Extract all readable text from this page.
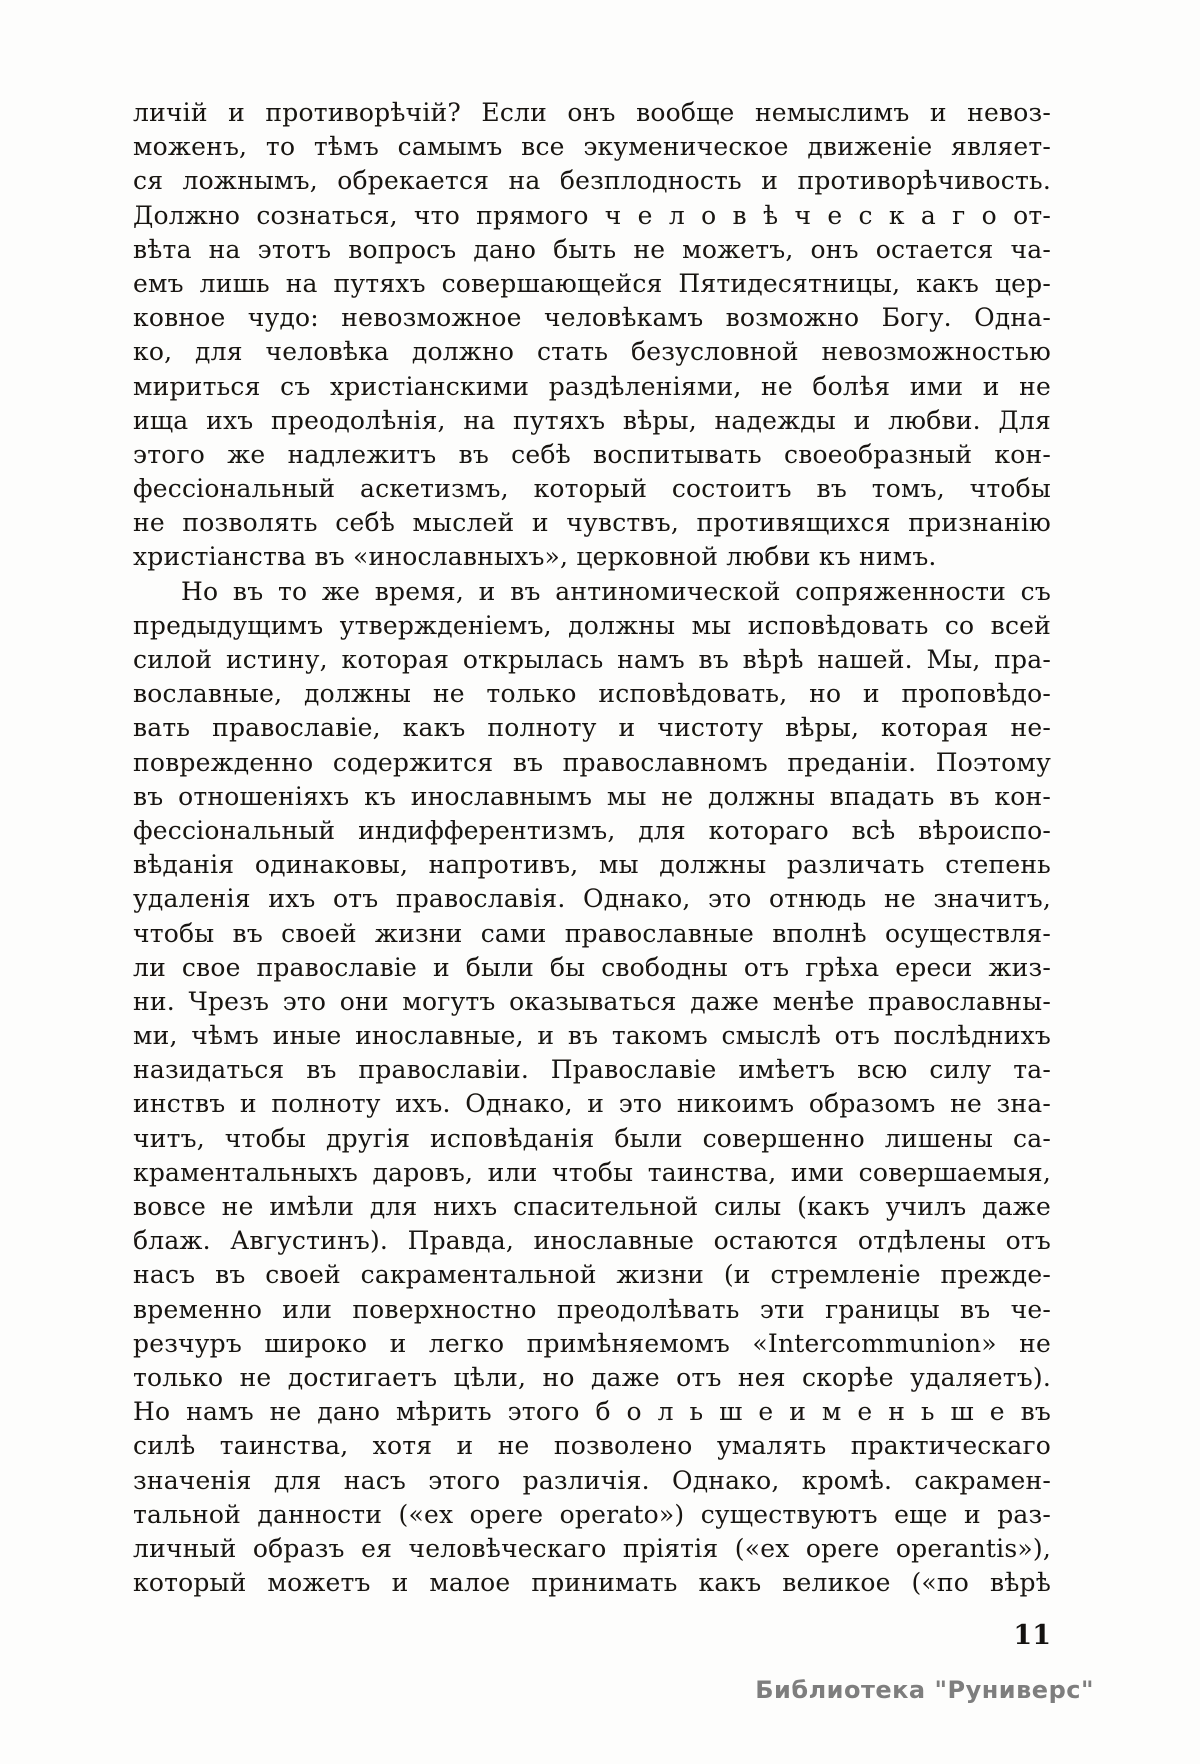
личій и противорѣчій? Если онъ вообще немыслимъ и невоз-
моженъ, то тѣмъ самымъ все экуменическое движеніе являет-
ся ложнымъ, обрекается на безплодность и противорѣчивость.
Должно сознаться, что прямого ч е л о в ѣ ч е с к а г о от-
вѣта на этотъ вопросъ дано быть не можетъ, онъ остается ча-
емъ лишь на путяхъ совершающейся Пятидесятницы, какъ цер-
ковное чудо: невозможное человѣкамъ возможно Богу. Одна-
ко, для человѣка должно стать безусловной невозможностью
мириться съ христіанскими раздѣленіями, не болѣя ими и не
ища ихъ преодолѣнія, на путяхъ вѣры, надежды и любви. Для
этого же надлежитъ въ себѣ воспитывать своеобразный кон-
фессіональный аскетизмъ, который состоитъ въ томъ, чтобы
не позволять себѣ мыслей и чувствъ, противящихся признанію
христіанства въ «инославныхъ», церковной любви къ нимъ.
Но въ то же время, и въ антиномической сопряженности съ
предыдущимъ утвержденіемъ, должны мы исповѣдовать со всей
силой истину, которая открылась намъ въ вѣрѣ нашей. Мы, пра-
вославные, должны не только исповѣдовать, но и проповѣдо-
вать православіе, какъ полноту и чистоту вѣры, которая не-
поврежденно содержится въ православномъ преданіи. Поэтому
въ отношеніяхъ къ инославнымъ мы не должны впадать въ кон-
фессіональный индифферентизмъ, для котораго всѣ вѣроиспо-
вѣданія одинаковы, напротивъ, мы должны различать степень
удаленія ихъ отъ православія. Однако, это отнюдь не значитъ,
чтобы въ своей жизни сами православные вполнѣ осуществля-
ли свое православіе и были бы свободны отъ грѣха ереси жиз-
ни. Чрезъ это они могутъ оказываться даже менѣе православны-
ми, чѣмъ иные инославные, и въ такомъ смыслѣ отъ послѣднихъ
назидаться въ православіи. Православіе имѣетъ всю силу та-
инствъ и полноту ихъ. Однако, и это никоимъ образомъ не зна-
читъ, чтобы другія исповѣданія были совершенно лишены са-
краментальныхъ даровъ, или чтобы таинства, ими совершаемыя,
вовсе не имѣли для нихъ спасительной силы (какъ училъ даже
блаж. Августинъ). Правда, инославные остаются отдѣлены отъ
насъ въ своей сакраментальной жизни (и стремленіе прежде-
временно или поверхностно преодолѣвать эти границы въ че-
резчуръ широко и легко примѣняемомъ «Intercommunion» не
только не достигаетъ цѣли, но даже отъ нея скорѣе удаляетъ).
Но намъ не дано мѣрить этого б о л ь ш е и м е н ь ш е въ
силѣ таинства, хотя и не позволено умалять практическаго
значенія для насъ этого различія. Однако, кромѣ. сакрамен-
тальной данности («ex opere operato») существуютъ еще и раз-
личный образъ ея человѣческаго пріятія («ex opere operantis»),
который можетъ и малое принимать какъ великое («по вѣрѣ
11
Библиотека "Руниверс"
